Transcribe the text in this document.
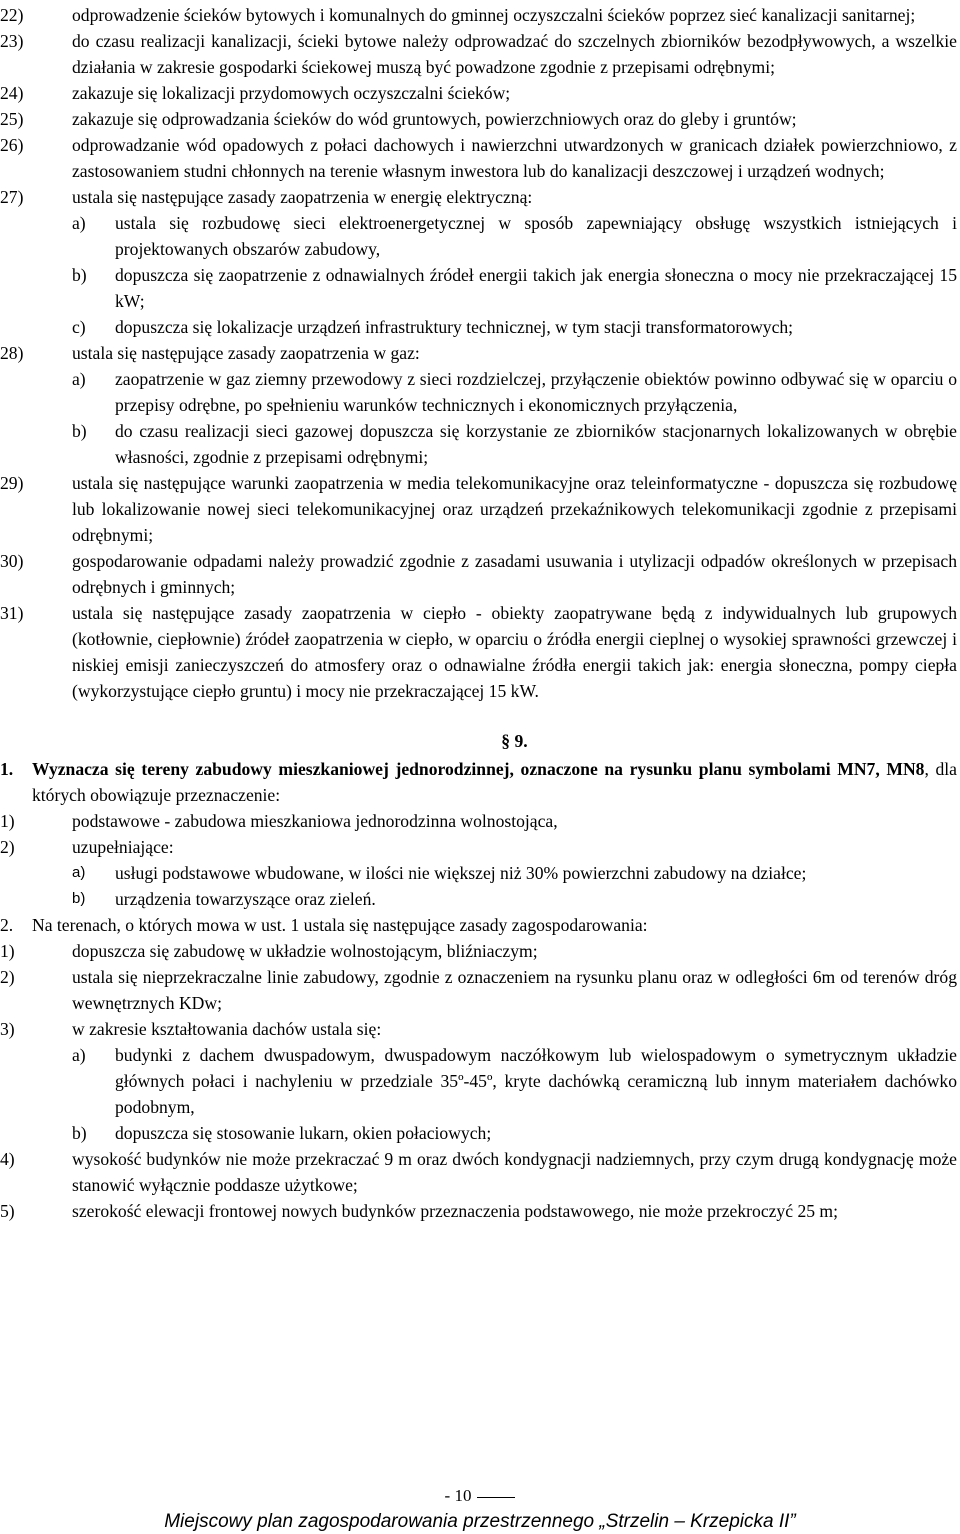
22)	odprowadzenie ścieków bytowych i komunalnych do gminnej oczyszczalni ścieków poprzez sieć kanalizacji sanitarnej;
23)	do czasu realizacji kanalizacji, ścieki bytowe należy odprowadzać do szczelnych zbiorników bezodpływowych, a wszelkie działania w zakresie gospodarki ściekowej muszą być powadzone zgodnie z przepisami odrębnymi;
24)	zakazuje się lokalizacji przydomowych oczyszczalni ścieków;
25)	zakazuje się odprowadzania ścieków do wód gruntowych, powierzchniowych oraz do gleby i gruntów;
26)	odprowadzanie wód opadowych z połaci dachowych i nawierzchni utwardzonych w granicach działek powierzchniowo, z zastosowaniem studni chłonnych na terenie własnym inwestora lub do kanalizacji deszczowej i urządzeń wodnych;
27)	ustala się następujące zasady zaopatrzenia w energię elektryczną:
a)	ustala się rozbudowę sieci elektroenergetycznej w sposób zapewniający obsługę wszystkich istniejących i projektowanych obszarów zabudowy,
b)	dopuszcza się zaopatrzenie z odnawialnych źródeł energii takich jak energia słoneczna o mocy nie przekraczającej 15 kW;
c)	dopuszcza się lokalizacje urządzeń infrastruktury technicznej, w tym stacji transformatorowych;
28)	ustala się następujące zasady zaopatrzenia w gaz:
a)	zaopatrzenie w gaz ziemny przewodowy z sieci rozdzielczej, przyłączenie obiektów powinno odbywać się w oparciu o przepisy odrębne, po spełnieniu warunków technicznych i ekonomicznych przyłączenia,
b)	do czasu realizacji sieci gazowej dopuszcza się korzystanie ze zbiorników stacjonarnych lokalizowanych w obrębie własności, zgodnie z przepisami odrębnymi;
29)	ustala się następujące warunki zaopatrzenia w media telekomunikacyjne oraz teleinformatyczne - dopuszcza się rozbudowę lub lokalizowanie nowej sieci telekomunikacyjnej oraz urządzeń przekaźnikowych telekomunikacji zgodnie z przepisami odrębnymi;
30)	gospodarowanie odpadami należy prowadzić zgodnie z zasadami usuwania i utylizacji odpadów określonych w przepisach odrębnych i gminnych;
31)	ustala się następujące zasady zaopatrzenia w ciepło - obiekty zaopatrywane będą z indywidualnych lub grupowych (kotłownie, ciepłownie) źródeł zaopatrzenia w ciepło, w oparciu o źródła energii cieplnej o wysokiej sprawności grzewczej i niskiej emisji zanieczyszczeń do atmosfery oraz o odnawialne źródła energii takich jak: energia słoneczna, pompy ciepła (wykorzystujące ciepło gruntu) i mocy nie przekraczającej 15 kW.
§ 9.
1.	Wyznacza się tereny zabudowy mieszkaniowej jednorodzinnej, oznaczone na rysunku planu symbolami MN7, MN8, dla których obowiązuje przeznaczenie:
1)	podstawowe - zabudowa mieszkaniowa jednorodzinna wolnostojąca,
2)	uzupełniające:
a)	usługi podstawowe wbudowane, w ilości nie większej niż 30% powierzchni zabudowy na działce;
b)	urządzenia towarzyszące oraz zieleń.
2.	Na terenach, o których mowa w ust. 1 ustala się następujące zasady zagospodarowania:
1)	dopuszcza się zabudowę w układzie wolnostojącym, bliźniaczym;
2)	ustala się nieprzekraczalne linie zabudowy, zgodnie z oznaczeniem na rysunku planu oraz w odległości 6m od terenów dróg wewnętrznych KDw;
3)	w zakresie kształtowania dachów ustala się:
a)	budynki z dachem dwuspadowym, dwuspadowym naczółkowym lub wielospadowym o symetrycznym układzie głównych połaci i nachyleniu w przedziale 35º-45º, kryte dachówką ceramiczną lub innym materiałem dachówko podobnym,
b)	dopuszcza się stosowanie lukarn, okien połaciowych;
4)	wysokość budynków nie może przekraczać 9 m oraz dwóch kondygnacji nadziemnych, przy czym drugą kondygnację może stanowić wyłącznie poddasze użytkowe;
5)	szerokość elewacji frontowej nowych budynków przeznaczenia podstawowego, nie może przekroczyć 25 m;
- 10
Miejscowy plan zagospodarowania przestrzennego „Strzelin – Krzepicka II”
